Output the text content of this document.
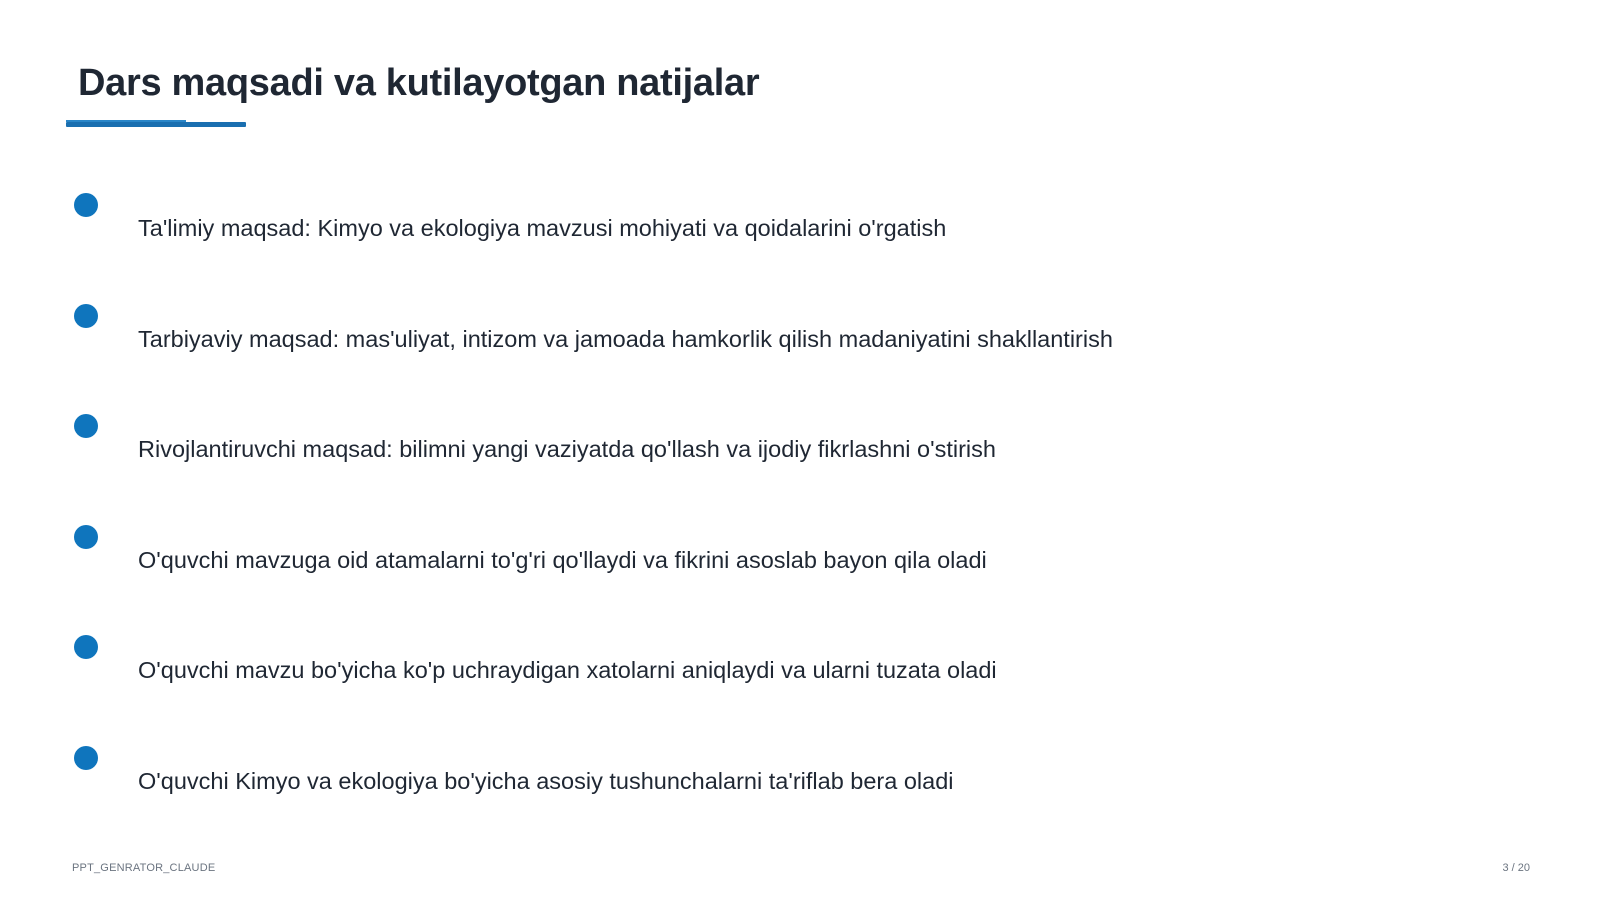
Dars maqsadi va kutilayotgan natijalar
Ta'limiy maqsad: Kimyo va ekologiya mavzusi mohiyati va qoidalarini o'rgatish
Tarbiyaviy maqsad: mas'uliyat, intizom va jamoada hamkorlik qilish madaniyatini shakllantirish
Rivojlantiruvchi maqsad: bilimni yangi vaziyatda qo'llash va ijodiy fikrlashni o'stirish
O'quvchi mavzuga oid atamalarni to'g'ri qo'llaydi va fikrini asoslab bayon qila oladi
O'quvchi mavzu bo'yicha ko'p uchraydigan xatolarni aniqlaydi va ularni tuzata oladi
O'quvchi Kimyo va ekologiya bo'yicha asosiy tushunchalarni ta'riflab bera oladi
PPT_GENRATOR_CLAUDE	3 / 20
